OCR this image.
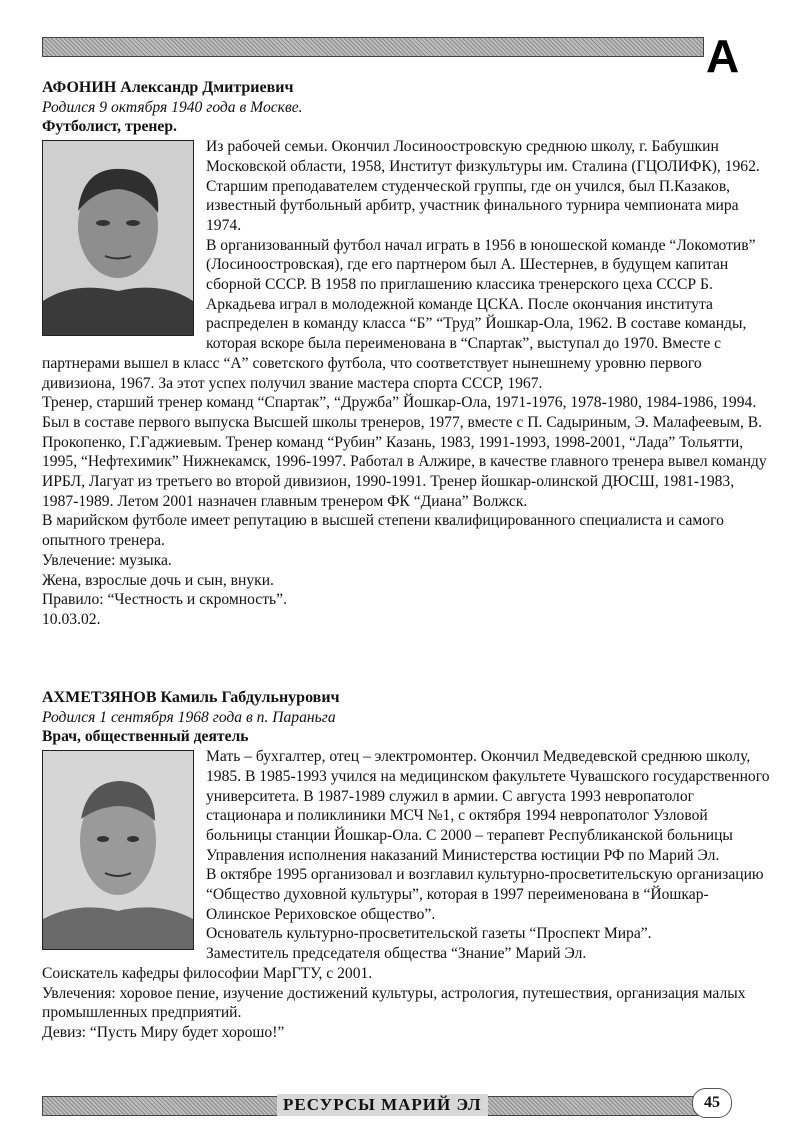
А
АФОНИН Александр Дмитриевич
Родился 9 октября 1940 года в Москве.
Футболист, тренер.

Из рабочей семьи. Окончил Лосиноостровскую среднюю школу, г. Бабушкин Московской области, 1958, Институт физкультуры им. Сталина (ГЦОЛИФК), 1962. Старшим преподавателем студенческой группы, где он учился, был П.Казаков, известный футбольный арбитр, участник финального турнира чемпионата мира 1974.

В организованный футбол начал играть в 1956 в юношеской команде “Локомотив” (Лосиноостровская), где его партнером был А. Шестернев, в будущем капитан сборной СССР. В 1958 по приглашению классика тренерского цеха СССР Б. Аркадьева играл в молодежной команде ЦСКА. После окончания института распределен в команду класса “Б” “Труд” Йошкар-Ола, 1962. В составе команды, которая вскоре была переименована в “Спартак”, выступал до 1970. Вместе с партнерами вышел в класс “А” советского футбола, что соответствует нынешнему уровню первого дивизиона, 1967. За этот успех получил звание мастера спорта СССР, 1967.

Тренер, старший тренер команд “Спартак”, “Дружба” Йошкар-Ола, 1971-1976, 1978-1980, 1984-1986, 1994. Был в составе первого выпуска Высшей школы тренеров, 1977, вместе с П. Садыриным, Э. Малафеевым, В. Прокопенко, Г.Гаджиевым. Тренер команд “Рубин” Казань, 1983, 1991-1993, 1998-2001, “Лада” Тольятти, 1995, “Нефтехимик” Нижнекамск, 1996-1997. Работал в Алжире, в качестве главного тренера вывел команду ИРБЛ, Лагуат из третьего во второй дивизион, 1990-1991. Тренер йошкар-олинской ДЮСШ, 1981-1983, 1987-1989. Летом 2001 назначен главным тренером ФК “Диана” Волжск.

В марийском футболе имеет репутацию в высшей степени квалифицированного специалиста и самого опытного тренера.

Увлечение: музыка.

Жена, взрослые дочь и сын, внуки.

Правило: “Честность и скромность”.

10.03.02.

АХМЕТЗЯНОВ Камиль Габдульнурович
Родился 1 сентября 1968 года в п. Параньга
Врач, общественный деятель

Мать – бухгалтер, отец – электромонтер. Окончил Медведевской среднюю школу, 1985. В 1985-1993 учился на медицинском факультете Чувашского государственного университета. В 1987-1989 служил в армии. С августа 1993 невропатолог стационара и поликлиники МСЧ №1, с октября 1994 невропатолог Узловой больницы станции Йошкар-Ола. С 2000 – терапевт Республиканской больницы Управления исполнения наказаний Министерства юстиции РФ по Марий Эл.

В октябре 1995 организовал и возглавил культурно-просветительскую организацию “Общество духовной культуры”, которая в 1997 переименована в “Йошкар-Олинское Рериховское общество”.

Основатель культурно-просветительской газеты “Проспект Мира”.

Заместитель председателя общества “Знание” Марий Эл.

Соискатель кафедры философии МарГТУ, с 2001.

Увлечения: хоровое пение, изучение достижений культуры, астрология, путешествия, организация малых промышленных предприятий.

Девиз: “Пусть Миру будет хорошо!”

РЕСУРСЫ МАРИЙ ЭЛ	45
